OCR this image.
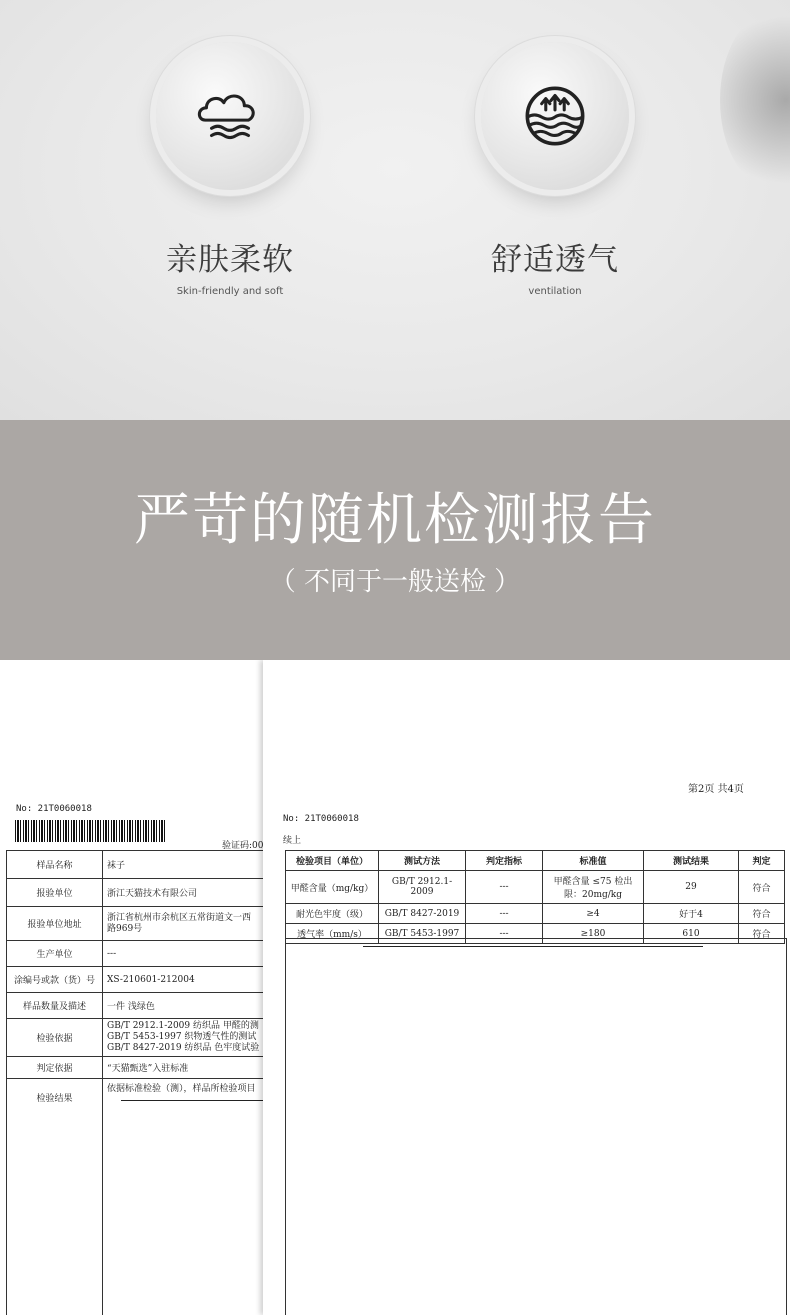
亲肤柔软
Skin-friendly and soft
舒适透气
ventilation
严苛的随机检测报告
（ 不同于一般送检 ）
No: 21T0060018
验证码:00
样品名称	袜子
报验单位	浙江天猫技术有限公司
报验单位地址	浙江省杭州市余杭区五常街道文一西
路969号

生产单位	---
涂编号或款（货）号	XS-210601-212004
样品数量及描述	一件 浅绿色
检验依据	GB/T 2912.1-2009 纺织品 甲醛的测
GB/T 5453-1997 织物透气性的测试
GB/T 8427-2019 纺织品 色牢度试验

判定依据	“天猫甄选”入驻标准
检验结果	依据标准检验（测），样品所检验项目
第2页 共4页
No: 21T0060018
续上
检验项目（单位）	测试方法	判定指标	标准值	测试结果	判定
甲醛含量（mg/kg）	GB/T 2912.1-2009	---	甲醛含量 ≤75 检出限：20mg/kg	29	符合
耐光色牢度（级）	GB/T 8427-2019	---	≥4	好于4	符合
透气率（mm/s）	GB/T 5453-1997	---	≥180	610	符合
